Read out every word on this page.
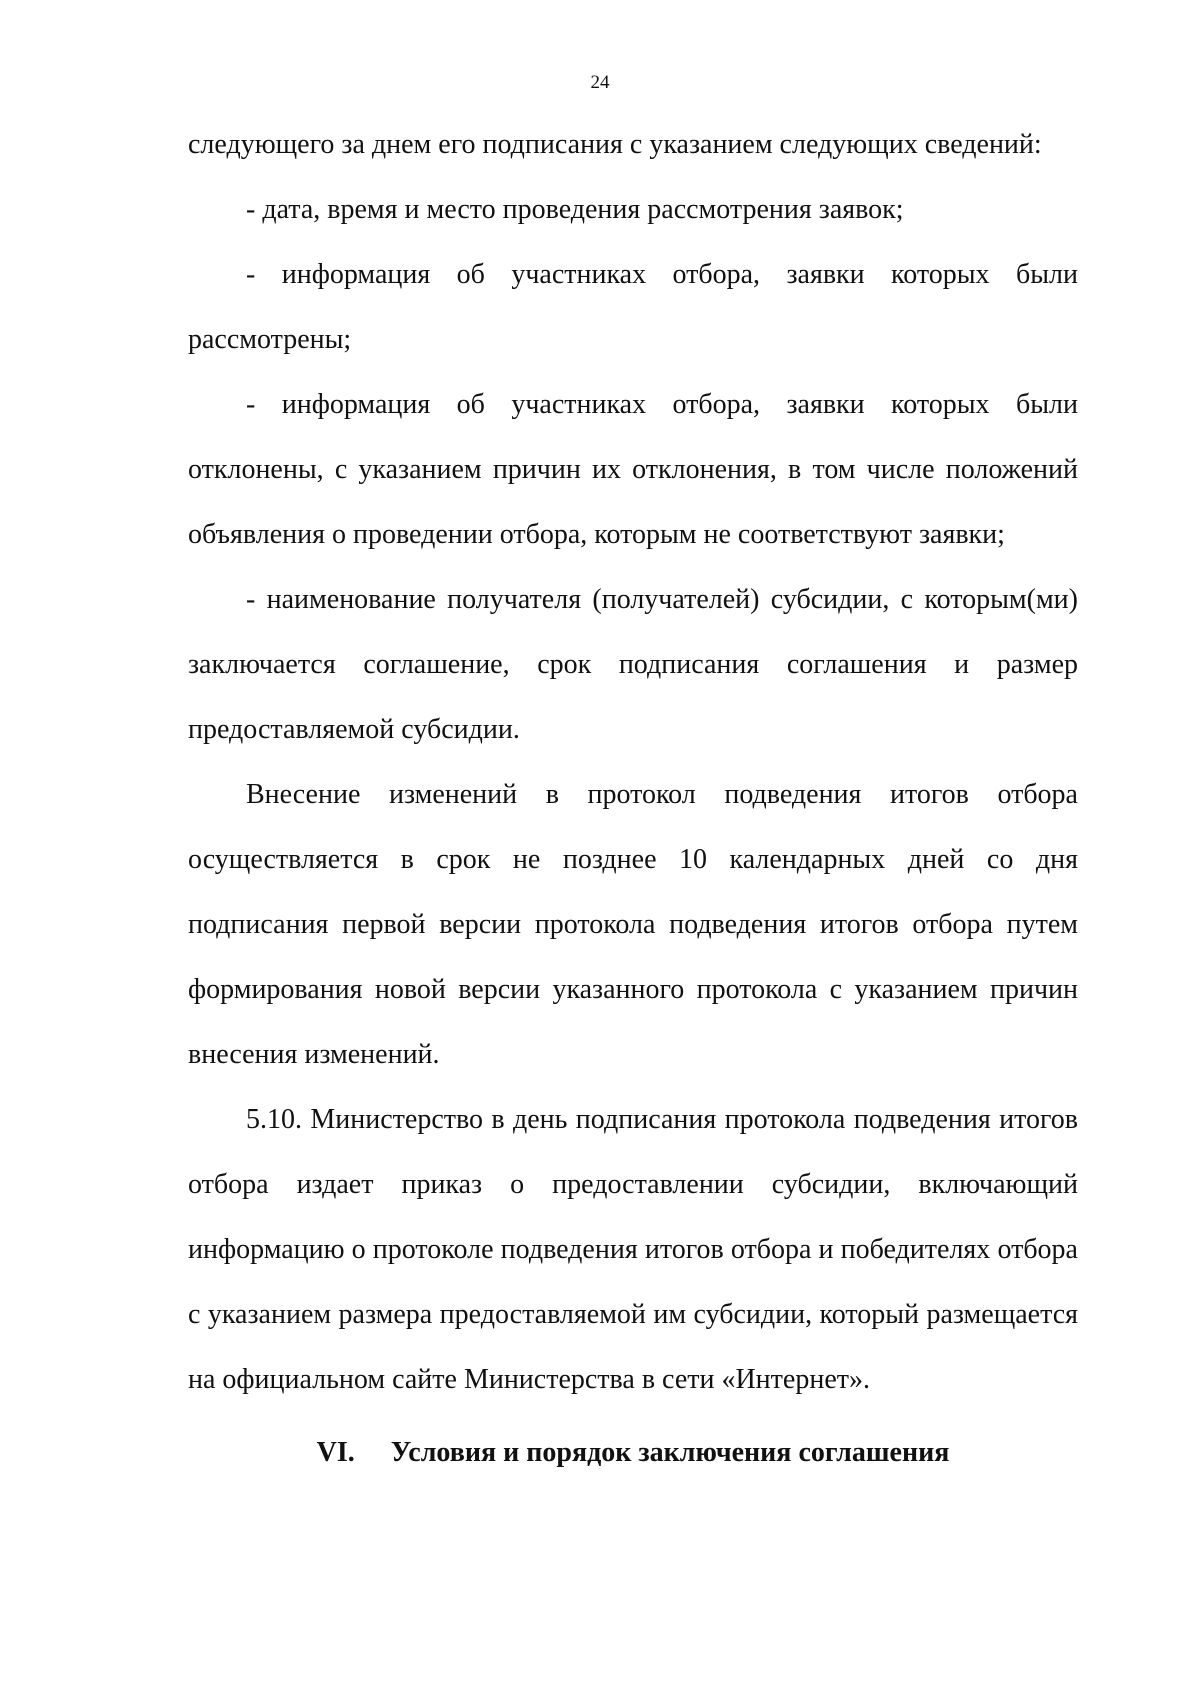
24

следующего за днем его подписания с указанием следующих сведений:

- дата, время и место проведения рассмотрения заявок;

- информация об участниках отбора, заявки которых были рассмотрены;

- информация об участниках отбора, заявки которых были отклонены, с указанием причин их отклонения, в том числе положений объявления о проведении отбора, которым не соответствуют заявки;

- наименование получателя (получателей) субсидии, с которым(ми) заключается соглашение, срок подписания соглашения и размер предоставляемой субсидии.

Внесение изменений в протокол подведения итогов отбора осуществляется в срок не позднее 10 календарных дней со дня подписания первой версии протокола подведения итогов отбора путем формирования новой версии указанного протокола с указанием причин внесения изменений.

5.10. Министерство в день подписания протокола подведения итогов отбора издает приказ о предоставлении субсидии, включающий информацию о протоколе подведения итогов отбора и победителях отбора с указанием размера предоставляемой им субсидии, который размещается на официальном сайте Министерства в сети «Интернет».

VI. Условия и порядок заключения соглашения
